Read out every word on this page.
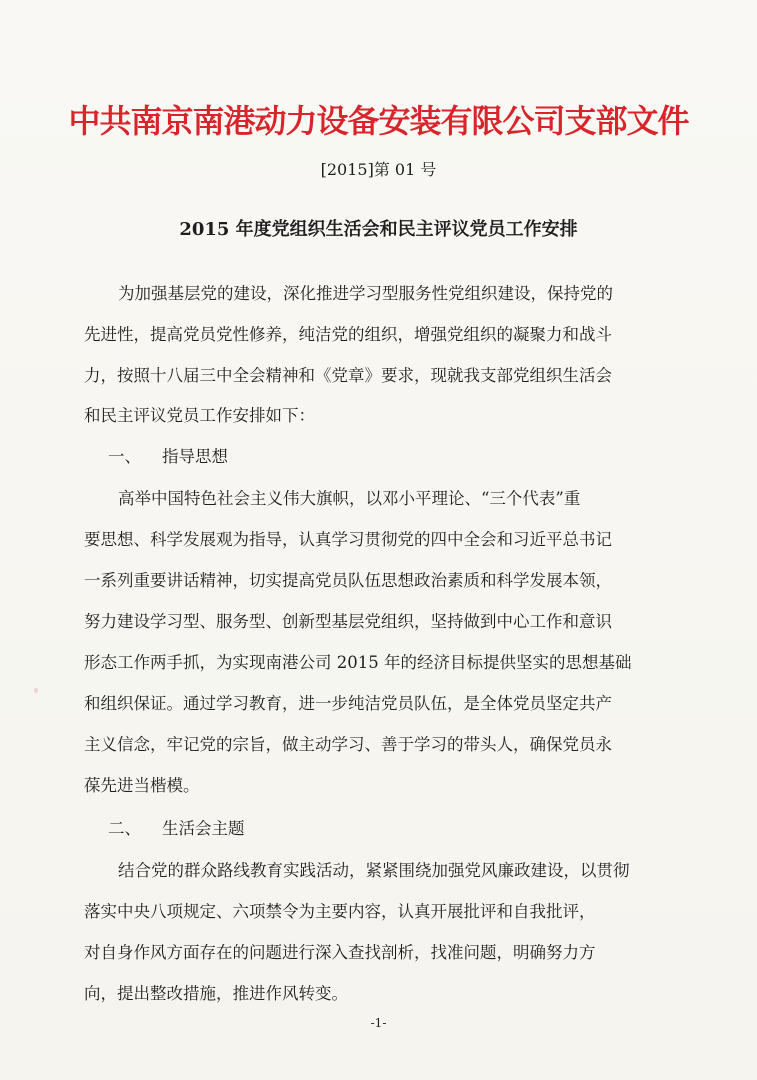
中共南京南港动力设备安装有限公司支部文件
[2015]第 01 号
2015 年度党组织生活会和民主评议党员工作安排
为加强基层党的建设，深化推进学习型服务性党组织建设，保持党的
先进性，提高党员党性修养，纯洁党的组织，增强党组织的凝聚力和战斗
力，按照十八届三中全会精神和《党章》要求，现就我支部党组织生活会
和民主评议党员工作安排如下：
一、 指导思想
高举中国特色社会主义伟大旗帜，以邓小平理论、“三个代表”重
要思想、科学发展观为指导，认真学习贯彻党的四中全会和习近平总书记
一系列重要讲话精神，切实提高党员队伍思想政治素质和科学发展本领，
努力建设学习型、服务型、创新型基层党组织，坚持做到中心工作和意识
形态工作两手抓，为实现南港公司 2015 年的经济目标提供坚实的思想基础
和组织保证。通过学习教育，进一步纯洁党员队伍，是全体党员坚定共产
主义信念，牢记党的宗旨，做主动学习、善于学习的带头人，确保党员永
葆先进当楷模。
二、 生活会主题
结合党的群众路线教育实践活动，紧紧围绕加强党风廉政建设，以贯彻
落实中央八项规定、六项禁令为主要内容，认真开展批评和自我批评，
对自身作风方面存在的问题进行深入查找剖析，找准问题，明确努力方
向，提出整改措施，推进作风转变。
-1-
